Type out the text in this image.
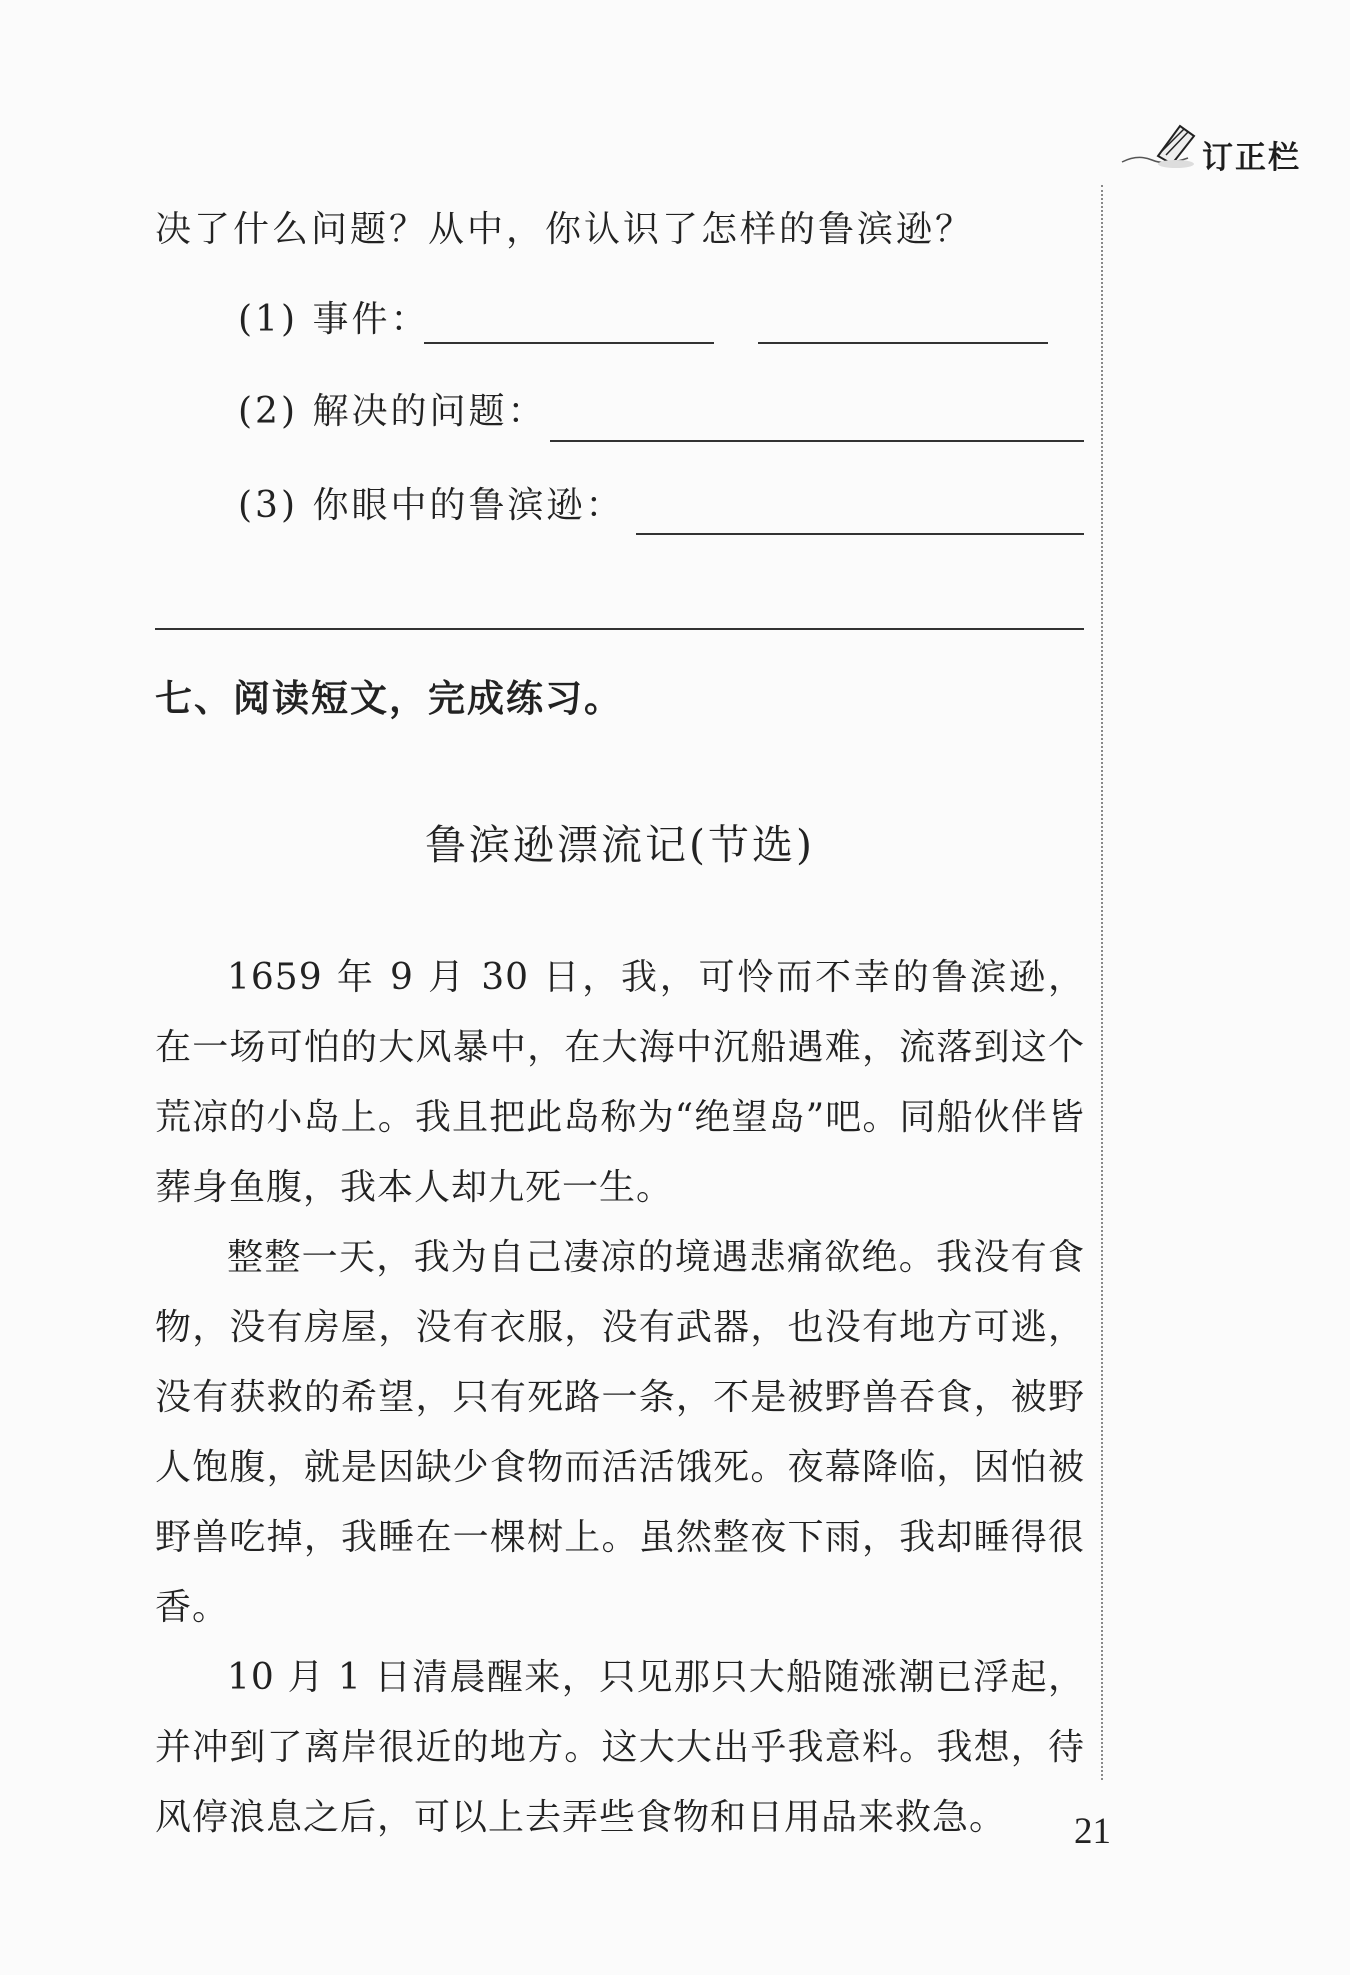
订正栏
决了什么问题？从中，你认识了怎样的鲁滨逊？
(1) 事件：
(2) 解决的问题：
(3) 你眼中的鲁滨逊：
七、阅读短文，完成练习。
鲁滨逊漂流记(节选)

1659 年 9 月 30 日，我，可怜而不幸的鲁滨逊，在一场可怕的大风暴中，在大海中沉船遇难，流落到这个荒凉的小岛上。我且把此岛称为“绝望岛”吧。同船伙伴皆葬身鱼腹，我本人却九死一生。

整整一天，我为自己凄凉的境遇悲痛欲绝。我没有食物，没有房屋，没有衣服，没有武器，也没有地方可逃，没有获救的希望，只有死路一条，不是被野兽吞食，被野人饱腹，就是因缺少食物而活活饿死。夜幕降临，因怕被野兽吃掉，我睡在一棵树上。虽然整夜下雨，我却睡得很香。

10 月 1 日清晨醒来，只见那只大船随涨潮已浮起，并冲到了离岸很近的地方。这大大出乎我意料。我想，待风停浪息之后，可以上去弄些食物和日用品来救急。	21
